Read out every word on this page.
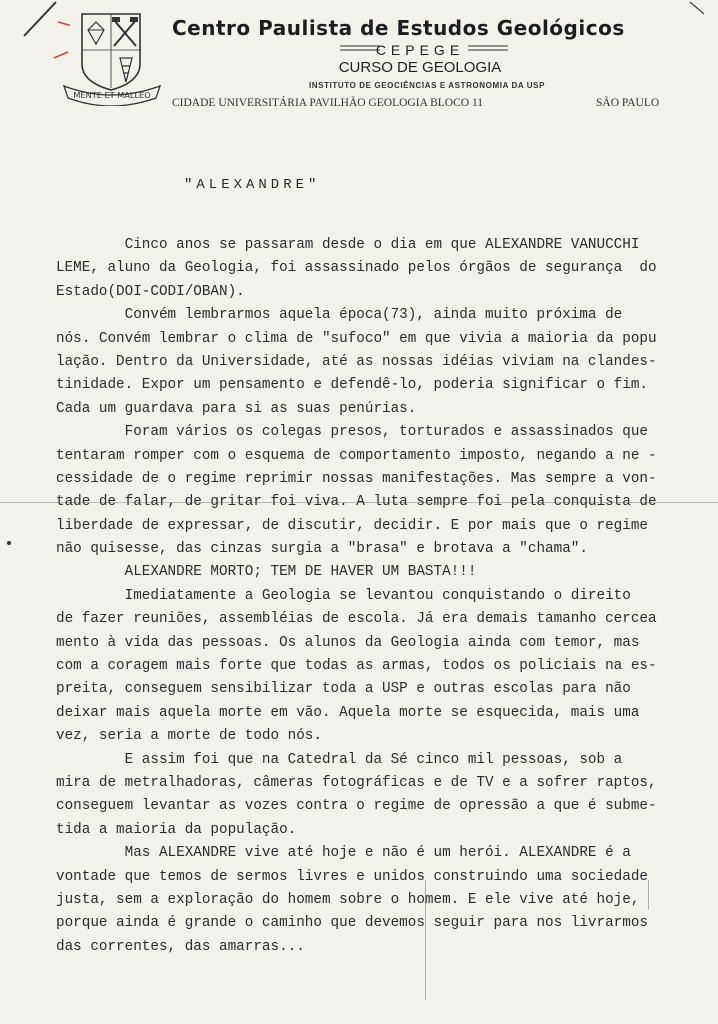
MENTE ET MALLEO
Centro Paulista de Estudos Geológicos
CEPEGE
CURSO DE GEOLOGIA
INSTITUTO DE GEOCIÊNCIAS E ASTRONOMIA DA USP
CIDADE UNIVERSITÁRIA PAVILHÃO GEOLOGIA BLOCO 11	SÃO PAULO
"ALEXANDRE"
Cinco anos se passaram desde o dia em que ALEXANDRE VANUCCHI
LEME, aluno da Geologia, foi assassinado pelos órgãos de segurança  do
Estado(DOI-CODI/OBAN).
Convém lembrarmos aquela época(73), ainda muito próxima de
nós. Convém lembrar o clima de "sufoco" em que vivia a maioria da popu
lação. Dentro da Universidade, até as nossas idéias viviam na clandes-
tinidade. Expor um pensamento e defendê-lo, poderia significar o fim.
Cada um guardava para si as suas penúrias.
Foram vários os colegas presos, torturados e assassinados que
tentaram romper com o esquema de comportamento imposto, negando a ne -
cessidade de o regime reprimir nossas manifestações. Mas sempre a von-
tade de falar, de gritar foi viva. A luta sempre foi pela conquista de
liberdade de expressar, de discutir, decidir. E por mais que o regime
não quisesse, das cinzas surgia a "brasa" e brotava a "chama".
ALEXANDRE MORTO; TEM DE HAVER UM BASTA!!!
Imediatamente a Geologia se levantou conquistando o direito
de fazer reuniões, assembléias de escola. Já era demais tamanho cercea
mento à vida das pessoas. Os alunos da Geologia ainda com temor, mas
com a coragem mais forte que todas as armas, todos os policiais na es-
preita, conseguem sensibilizar toda a USP e outras escolas para não
deixar mais aquela morte em vão. Aquela morte se esquecida, mais uma
vez, seria a morte de todo nós.
E assim foi que na Catedral da Sé cinco mil pessoas, sob a
mira de metralhadoras, câmeras fotográficas e de TV e a sofrer raptos,
conseguem levantar as vozes contra o regime de opressão a que é subme-
tida a maioria da população.
Mas ALEXANDRE vive até hoje e não é um herói. ALEXANDRE é a
vontade que temos de sermos livres e unidos construindo uma sociedade
justa, sem a exploração do homem sobre o homem. E ele vive até hoje,
porque ainda é grande o caminho que devemos seguir para nos livrarmos
das correntes, das amarras...
